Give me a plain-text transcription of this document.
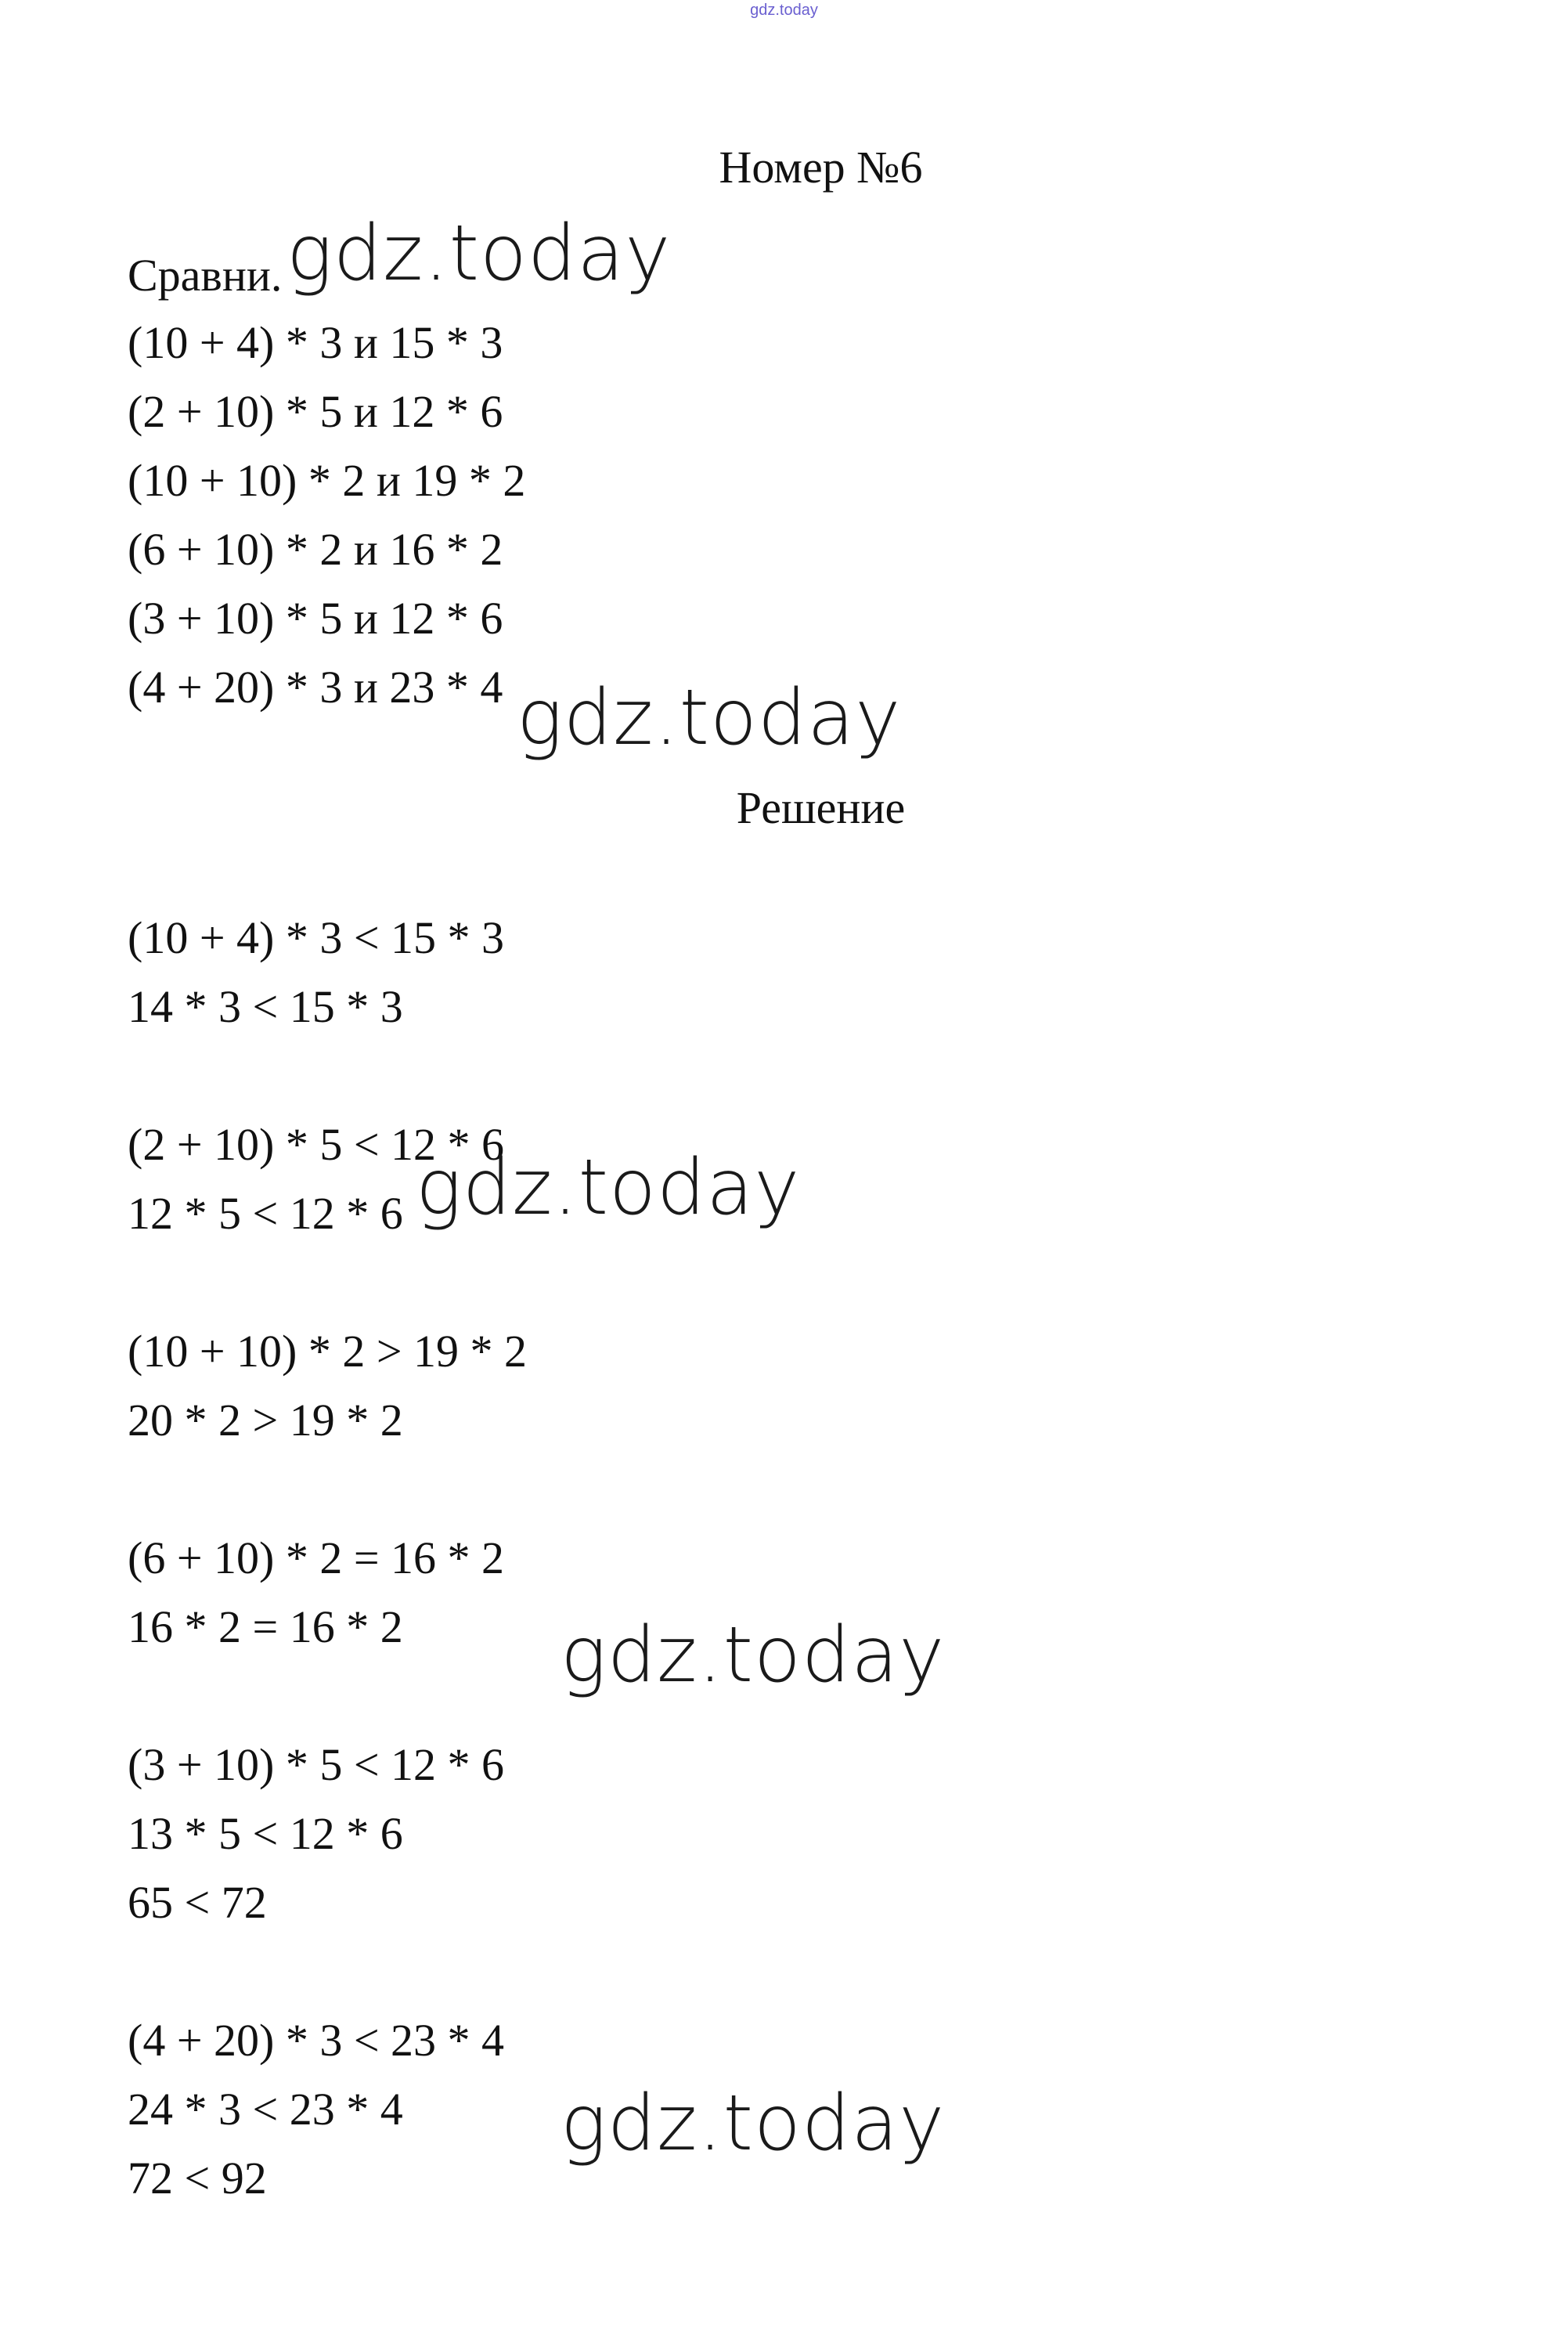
gdz.today
Номер №6
Сравни.
(10 + 4) * 3 и 15 * 3
(2 + 10) * 5 и 12 * 6
(10 + 10) * 2 и 19 * 2
(6 + 10) * 2 и 16 * 2
(3 + 10) * 5 и 12 * 6
(4 + 20) * 3 и 23 * 4
Решение
(10 + 4) * 3 < 15 * 3
14 * 3 < 15 * 3
(2 + 10) * 5 < 12 * 6
12 * 5 < 12 * 6
(10 + 10) * 2 > 19 * 2
20 * 2 > 19 * 2
(6 + 10) * 2 = 16 * 2
16 * 2 = 16 * 2
(3 + 10) * 5 < 12 * 6
13 * 5 < 12 * 6
65 < 72
(4 + 20) * 3 < 23 * 4
24 * 3 < 23 * 4
72 < 92
gdz.today
gdz.today
gdz.today
gdz.today
gdz.today
